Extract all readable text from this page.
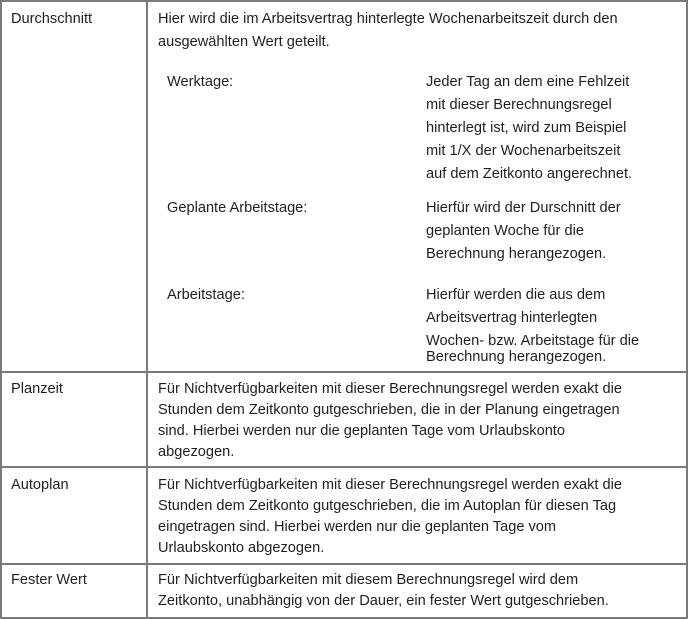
Durchschnitt	Hier wird die im Arbeitsvertrag hinterlegte Wochenarbeitszeit durch den
ausgewählten Wert geteilt.
Werktage:	Jeder Tag an dem eine Fehlzeit
mit dieser Berechnungsregel
hinterlegt ist, wird zum Beispiel
mit 1/X der Wochenarbeitszeit
auf dem Zeitkonto angerechnet.
Geplante Arbeitstage:	Hierfür wird der Durschnitt der
geplanten Woche für die
Berechnung herangezogen.
Arbeitstage:	Hierfür werden die aus dem
Arbeitsvertrag hinterlegten
Wochen- bzw. Arbeitstage für die
Berechnung herangezogen.
Planzeit	Für Nichtverfügbarkeiten mit dieser Berechnungsregel werden exakt die
Stunden dem Zeitkonto gutgeschrieben, die in der Planung eingetragen
sind. Hierbei werden nur die geplanten Tage vom Urlaubskonto
abgezogen.
Autoplan	Für Nichtverfügbarkeiten mit dieser Berechnungsregel werden exakt die
Stunden dem Zeitkonto gutgeschrieben, die im Autoplan für diesen Tag
eingetragen sind. Hierbei werden nur die geplanten Tage vom
Urlaubskonto abgezogen.
Fester Wert	Für Nichtverfügbarkeiten mit diesem Berechnungsregel wird dem
Zeitkonto, unabhängig von der Dauer, ein fester Wert gutgeschrieben.
